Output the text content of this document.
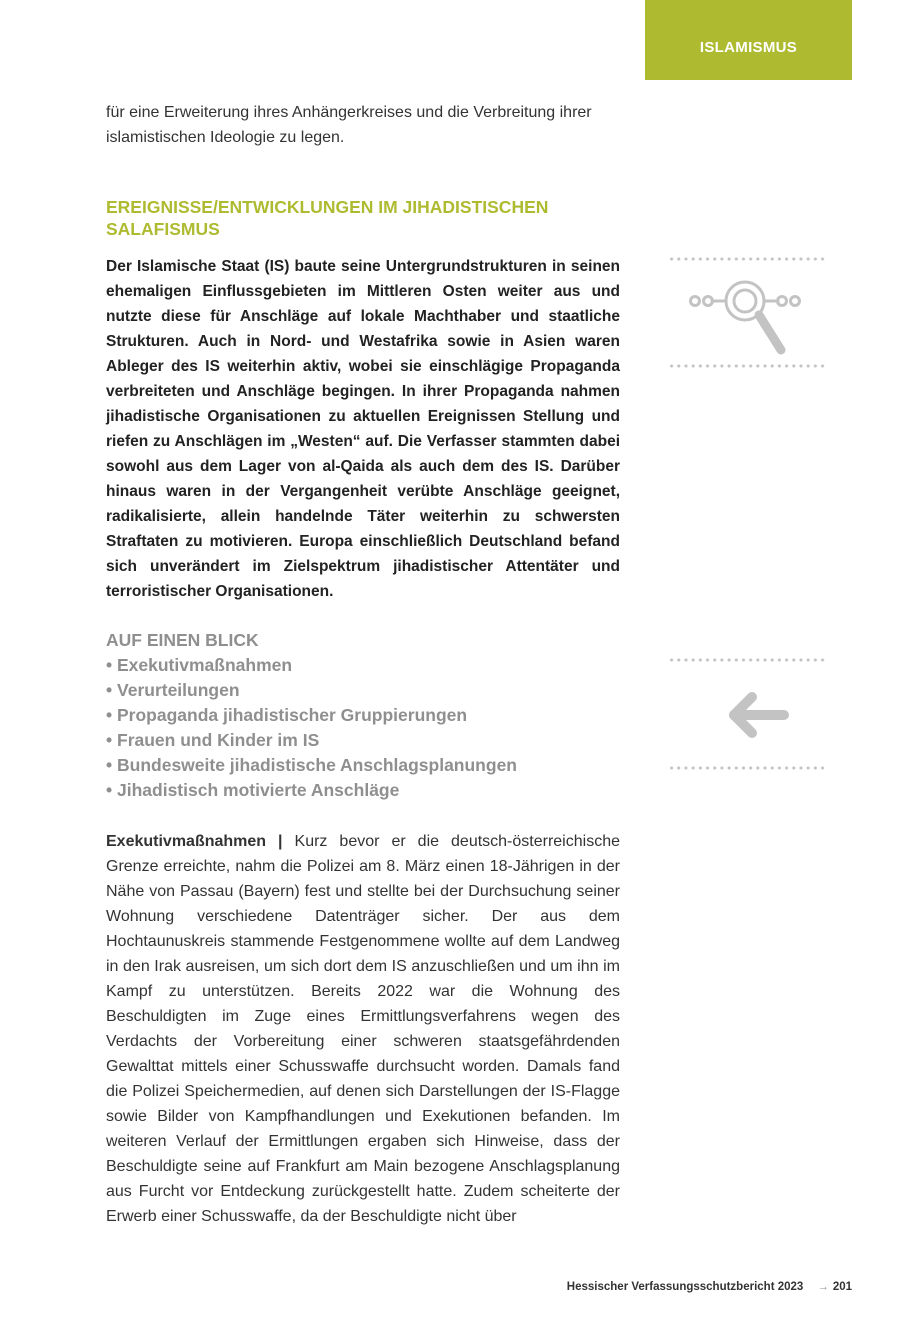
ISLAMISMUS

für eine Erweiterung ihres Anhängerkreises und die Verbreitung ihrer islamistischen Ideologie zu legen.

EREIGNISSE/ENTWICKLUNGEN IM JIHADISTISCHEN SALAFISMUS

Der Islamische Staat (IS) baute seine Untergrundstrukturen in seinen ehemaligen Einflussgebieten im Mittleren Osten weiter aus und nutzte diese für Anschläge auf lokale Machthaber und staatliche Strukturen. Auch in Nord- und Westafrika sowie in Asien waren Ableger des IS weiterhin aktiv, wobei sie einschlägige Propaganda verbreiteten und Anschläge begingen. In ihrer Propaganda nahmen jihadistische Organisationen zu aktuellen Ereignissen Stellung und riefen zu Anschlägen im „Westen“ auf. Die Verfasser stammten dabei sowohl aus dem Lager von al-Qaida als auch dem des IS. Darüber hinaus waren in der Vergangenheit verübte Anschläge geeignet, radikalisierte, allein handelnde Täter weiterhin zu schwersten Straftaten zu motivieren. Europa einschließlich Deutschland befand sich unverändert im Zielspektrum jihadistischer Attentäter und terroristischer Organisationen.

AUF EINEN BLICK
• Exekutivmaßnahmen
• Verurteilungen
• Propaganda jihadistischer Gruppierungen
• Frauen und Kinder im IS
• Bundesweite jihadistische Anschlagsplanungen
• Jihadistisch motivierte Anschläge

Exekutivmaßnahmen | Kurz bevor er die deutsch-österreichische Grenze erreichte, nahm die Polizei am 8. März einen 18-Jährigen in der Nähe von Passau (Bayern) fest und stellte bei der Durchsuchung seiner Wohnung verschiedene Datenträger sicher. Der aus dem Hochtaunuskreis stammende Festgenommene wollte auf dem Landweg in den Irak ausreisen, um sich dort dem IS anzuschließen und um ihn im Kampf zu unterstützen. Bereits 2022 war die Wohnung des Beschuldigten im Zuge eines Ermittlungsverfahrens wegen des Verdachts der Vorbereitung einer schweren staatsgefährdenden Gewalttat mittels einer Schusswaffe durchsucht worden. Damals fand die Polizei Speichermedien, auf denen sich Darstellungen der IS-Flagge sowie Bilder von Kampfhandlungen und Exekutionen befanden. Im weiteren Verlauf der Ermittlungen ergaben sich Hinweise, dass der Beschuldigte seine auf Frankfurt am Main bezogene Anschlagsplanung aus Furcht vor Entdeckung zurückgestellt hatte. Zudem scheiterte der Erwerb einer Schusswaffe, da der Beschuldigte nicht über

Hessischer Verfassungsschutzbericht 2023 → 201
